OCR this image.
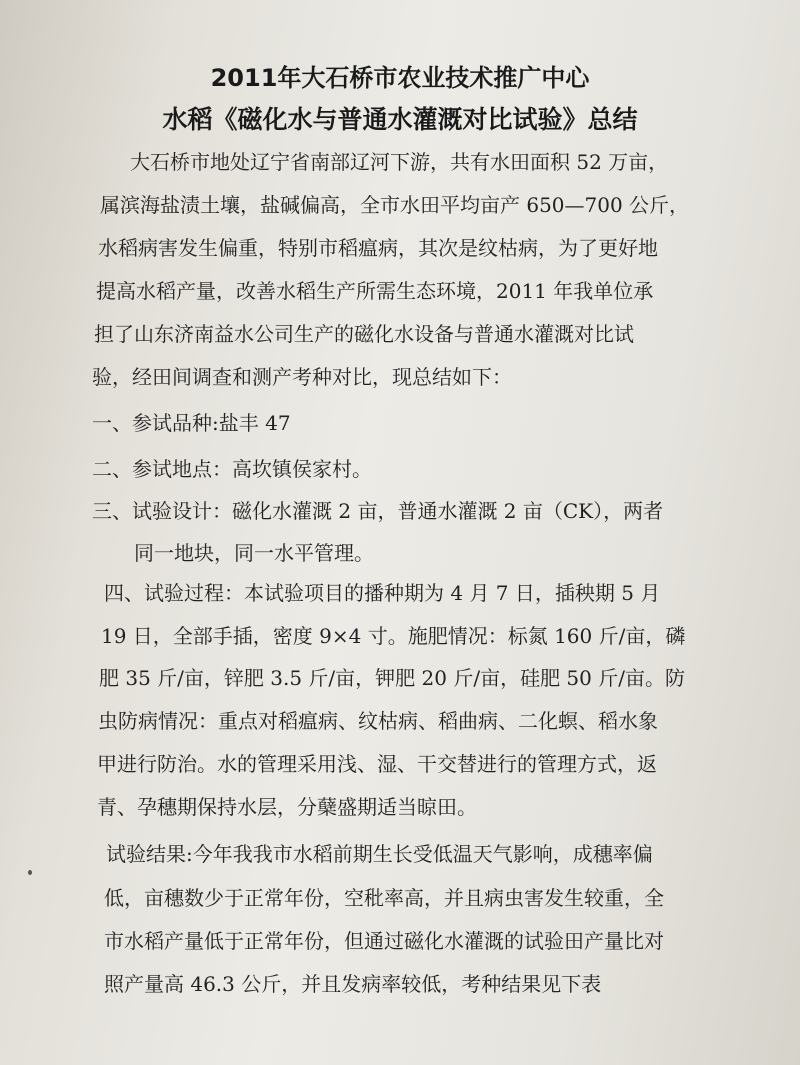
2011年大石桥市农业技术推广中心
水稻《磁化水与普通水灌溉对比试验》总结
大石桥市地处辽宁省南部辽河下游，共有水田面积 52 万亩，
属滨海盐渍土壤，盐碱偏高，全市水田平均亩产 650—700 公斤，
水稻病害发生偏重，特别市稻瘟病，其次是纹枯病，为了更好地
提高水稻产量，改善水稻生产所需生态环境，2011 年我单位承
担了山东济南益水公司生产的磁化水设备与普通水灌溉对比试
验，经田间调查和测产考种对比，现总结如下：
一、参试品种:盐丰 47
二、参试地点：高坎镇侯家村。
三、试验设计：磁化水灌溉 2 亩，普通水灌溉 2 亩（CK），两者
同一地块，同一水平管理。
四、试验过程：本试验项目的播种期为 4 月 7 日，插秧期 5 月
19 日，全部手插，密度 9×4 寸。施肥情况：标氮 160 斤/亩，磷
肥 35 斤/亩，锌肥 3.5 斤/亩，钾肥 20 斤/亩，硅肥 50 斤/亩。防
虫防病情况：重点对稻瘟病、纹枯病、稻曲病、二化螟、稻水象
甲进行防治。水的管理采用浅、湿、干交替进行的管理方式，返
青、孕穗期保持水层，分蘖盛期适当晾田。
试验结果:今年我我市水稻前期生长受低温天气影响，成穗率偏
低，亩穗数少于正常年份，空秕率高，并且病虫害发生较重，全
市水稻产量低于正常年份，但通过磁化水灌溉的试验田产量比对
照产量高 46.3 公斤，并且发病率较低，考种结果见下表
